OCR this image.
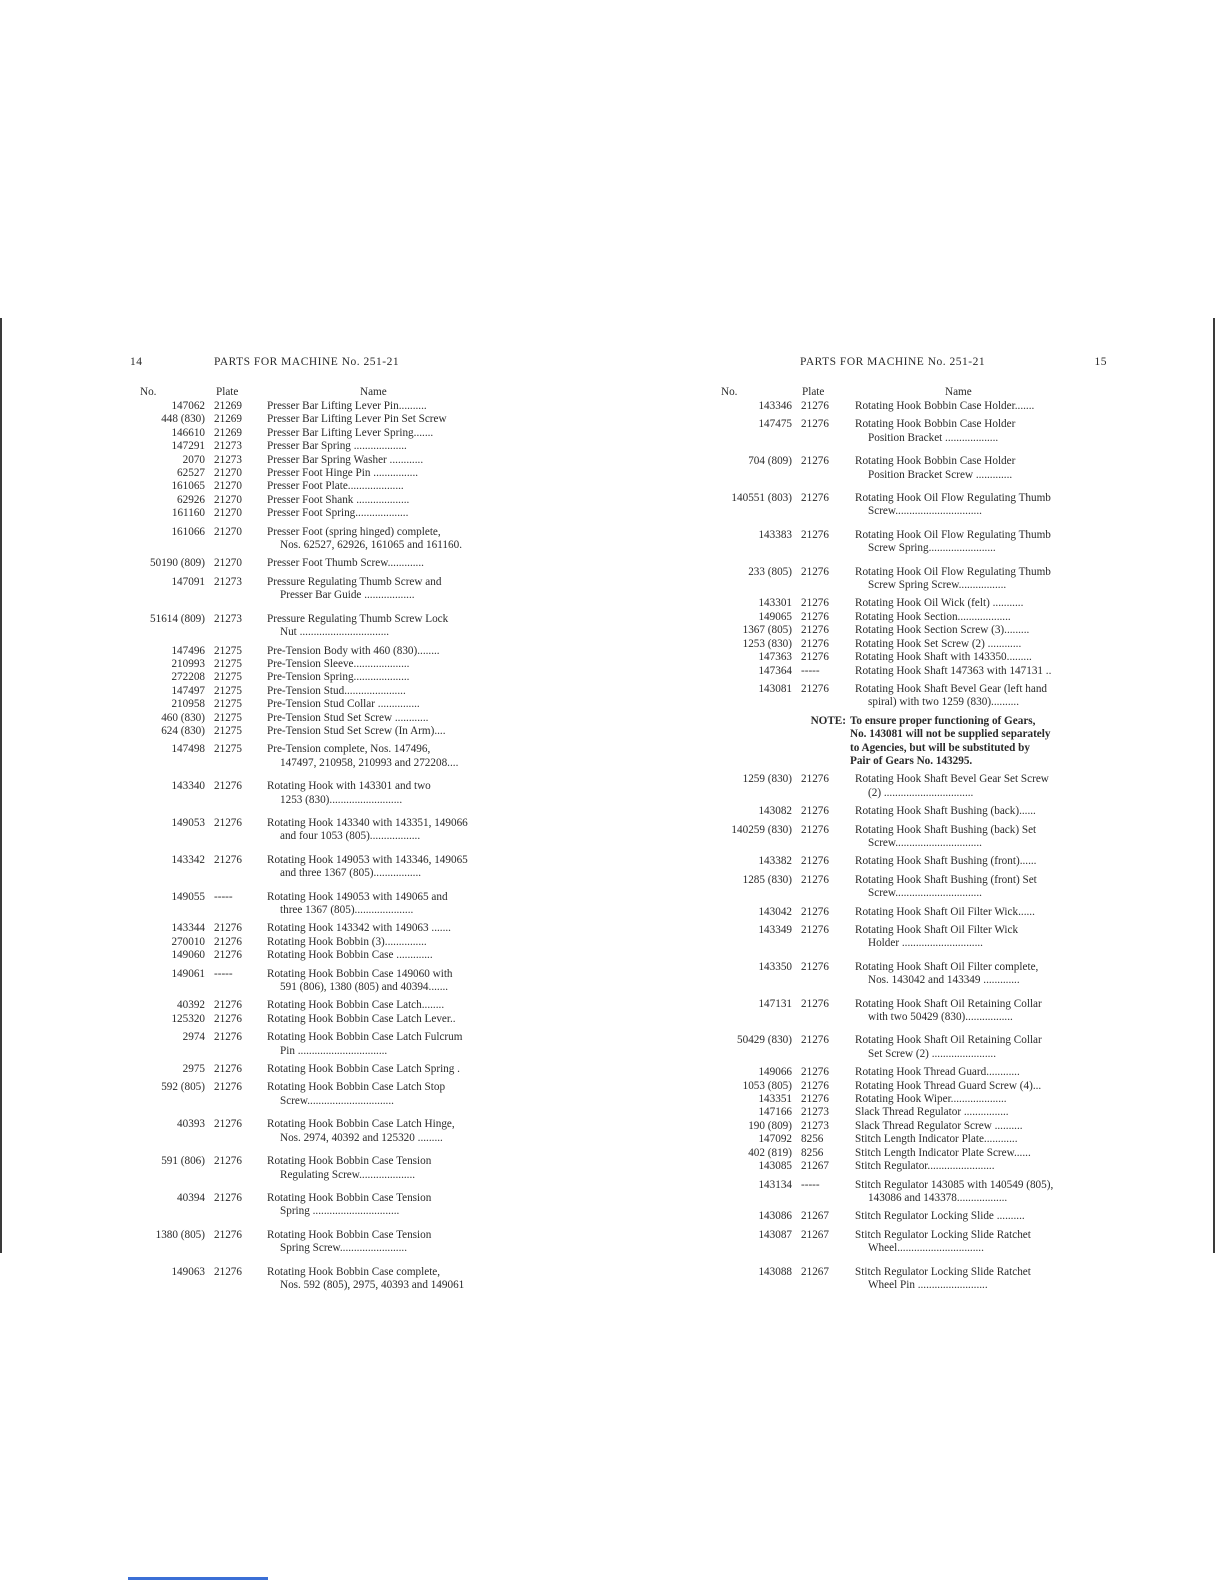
14	PARTS FOR MACHINE No. 251-21
No.	Plate	Name
147062 21269	Presser Bar Lifting Lever Pin..........
448 (830) 21269	Presser Bar Lifting Lever Pin Set Screw
146610 21269	Presser Bar Lifting Lever Spring.......
147291 21273	Presser Bar Spring ...................
2070 21273	Presser Bar Spring Washer ............
62527 21270	Presser Foot Hinge Pin ................
161065 21270	Presser Foot Plate....................
62926 21270	Presser Foot Shank ...................
161160 21270	Presser Foot Spring...................
161066 21270	Presser Foot (spring hinged) complete,
Nos. 62527, 62926, 161065 and 161160.
50190 (809) 21270	Presser Foot Thumb Screw.............
147091 21273	Pressure Regulating Thumb Screw and
Presser Bar Guide ..................
51614 (809) 21273	Pressure Regulating Thumb Screw Lock
Nut ................................
147496 21275	Pre-Tension Body with 460 (830)........
210993 21275	Pre-Tension Sleeve....................
272208 21275	Pre-Tension Spring....................
147497 21275	Pre-Tension Stud......................
210958 21275	Pre-Tension Stud Collar ...............
460 (830) 21275	Pre-Tension Stud Set Screw ............
624 (830) 21275	Pre-Tension Stud Set Screw (In Arm)....
147498 21275	Pre-Tension complete, Nos. 147496,
147497, 210958, 210993 and 272208....
143340 21276	Rotating Hook with 143301 and two
1253 (830)..........................
149053 21276	Rotating Hook 143340 with 143351, 149066
and four 1053 (805)..................
143342 21276	Rotating Hook 149053 with 143346, 149065
and three 1367 (805).................
149055 -----	Rotating Hook 149053 with 149065 and
three 1367 (805).....................
143344 21276	Rotating Hook 143342 with 149063 .......
270010 21276	Rotating Hook Bobbin (3)...............
149060 21276	Rotating Hook Bobbin Case .............
149061 -----	Rotating Hook Bobbin Case 149060 with
591 (806), 1380 (805) and 40394.......
40392 21276	Rotating Hook Bobbin Case Latch........
125320 21276	Rotating Hook Bobbin Case Latch Lever..
2974 21276	Rotating Hook Bobbin Case Latch Fulcrum
Pin ................................
2975 21276	Rotating Hook Bobbin Case Latch Spring .
592 (805) 21276	Rotating Hook Bobbin Case Latch Stop
Screw...............................
40393 21276	Rotating Hook Bobbin Case Latch Hinge,
Nos. 2974, 40392 and 125320 .........
591 (806) 21276	Rotating Hook Bobbin Case Tension
Regulating Screw....................
40394 21276	Rotating Hook Bobbin Case Tension
Spring ...............................
1380 (805) 21276	Rotating Hook Bobbin Case Tension
Spring Screw........................
149063 21276	Rotating Hook Bobbin Case complete,
Nos. 592 (805), 2975, 40393 and 149061
PARTS FOR MACHINE No. 251-21	15
No.	Plate	Name
143346 21276	Rotating Hook Bobbin Case Holder.......
147475 21276	Rotating Hook Bobbin Case Holder
Position Bracket ...................
704 (809) 21276	Rotating Hook Bobbin Case Holder
Position Bracket Screw .............
140551 (803) 21276	Rotating Hook Oil Flow Regulating Thumb
Screw...............................
143383 21276	Rotating Hook Oil Flow Regulating Thumb
Screw Spring........................
233 (805) 21276	Rotating Hook Oil Flow Regulating Thumb
Screw Spring Screw.................
143301 21276	Rotating Hook Oil Wick (felt) ...........
149065 21276	Rotating Hook Section...................
1367 (805) 21276	Rotating Hook Section Screw (3).........
1253 (830) 21276	Rotating Hook Set Screw (2) ............
147363 21276	Rotating Hook Shaft with 143350.........
147364 -----	Rotating Hook Shaft 147363 with 147131 ..
143081 21276	Rotating Hook Shaft Bevel Gear (left hand
spiral) with two 1259 (830)..........
NOTE: To ensure proper functioning of Gears,
No. 143081 will not be supplied separately
to Agencies, but will be substituted by
Pair of Gears No. 143295.
1259 (830) 21276	Rotating Hook Shaft Bevel Gear Set Screw
(2) ................................
143082 21276	Rotating Hook Shaft Bushing (back)......
140259 (830) 21276	Rotating Hook Shaft Bushing (back) Set
Screw...............................
143382 21276	Rotating Hook Shaft Bushing (front)......
1285 (830) 21276	Rotating Hook Shaft Bushing (front) Set
Screw...............................
143042 21276	Rotating Hook Shaft Oil Filter Wick......
143349 21276	Rotating Hook Shaft Oil Filter Wick
Holder .............................
143350 21276	Rotating Hook Shaft Oil Filter complete,
Nos. 143042 and 143349 .............
147131 21276	Rotating Hook Shaft Oil Retaining Collar
with two 50429 (830).................
50429 (830) 21276	Rotating Hook Shaft Oil Retaining Collar
Set Screw (2) .......................
149066 21276	Rotating Hook Thread Guard............
1053 (805) 21276	Rotating Hook Thread Guard Screw (4)...
143351 21276	Rotating Hook Wiper....................
147166 21273	Slack Thread Regulator ................
190 (809) 21273	Slack Thread Regulator Screw ..........
147092 8256	Stitch Length Indicator Plate............
402 (819) 8256	Stitch Length Indicator Plate Screw......
143085 21267	Stitch Regulator........................
143134 -----	Stitch Regulator 143085 with 140549 (805),
143086 and 143378..................
143086 21267	Stitch Regulator Locking Slide ..........
143087 21267	Stitch Regulator Locking Slide Ratchet
Wheel...............................
143088 21267	Stitch Regulator Locking Slide Ratchet
Wheel Pin .........................
